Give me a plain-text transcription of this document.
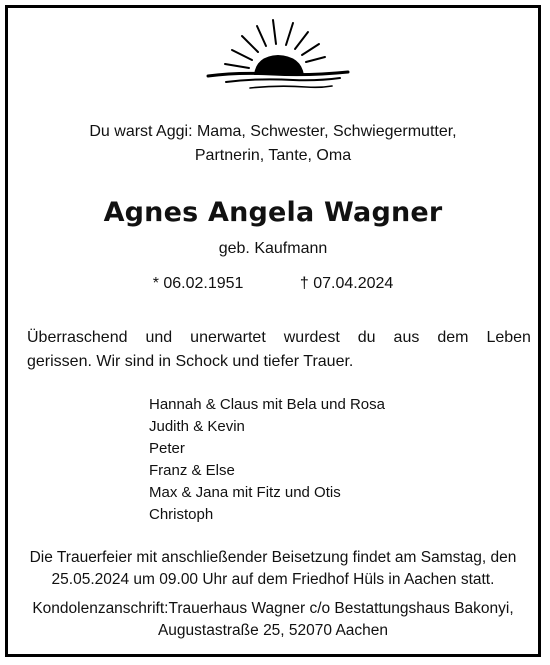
Du warst Aggi: Mama, Schwester, Schwiegermutter,
Partnerin, Tante, Oma
Agnes Angela Wagner
geb. Kaufmann
* 06.02.1951	† 07.04.2024
Überraschend und unerwartet wurdest du aus dem Leben
gerissen. Wir sind in Schock und tiefer Trauer.
Hannah & Claus mit Bela und Rosa
Judith & Kevin
Peter
Franz & Else
Max & Jana mit Fitz und Otis
Christoph
Die Trauerfeier mit anschließender Beisetzung findet am Samstag, den
25.05.2024 um 09.00 Uhr auf dem Friedhof Hüls in Aachen statt.
Kondolenzanschrift:Trauerhaus Wagner c/o Bestattungshaus Bakonyi,
Augustastraße 25, 52070 Aachen
